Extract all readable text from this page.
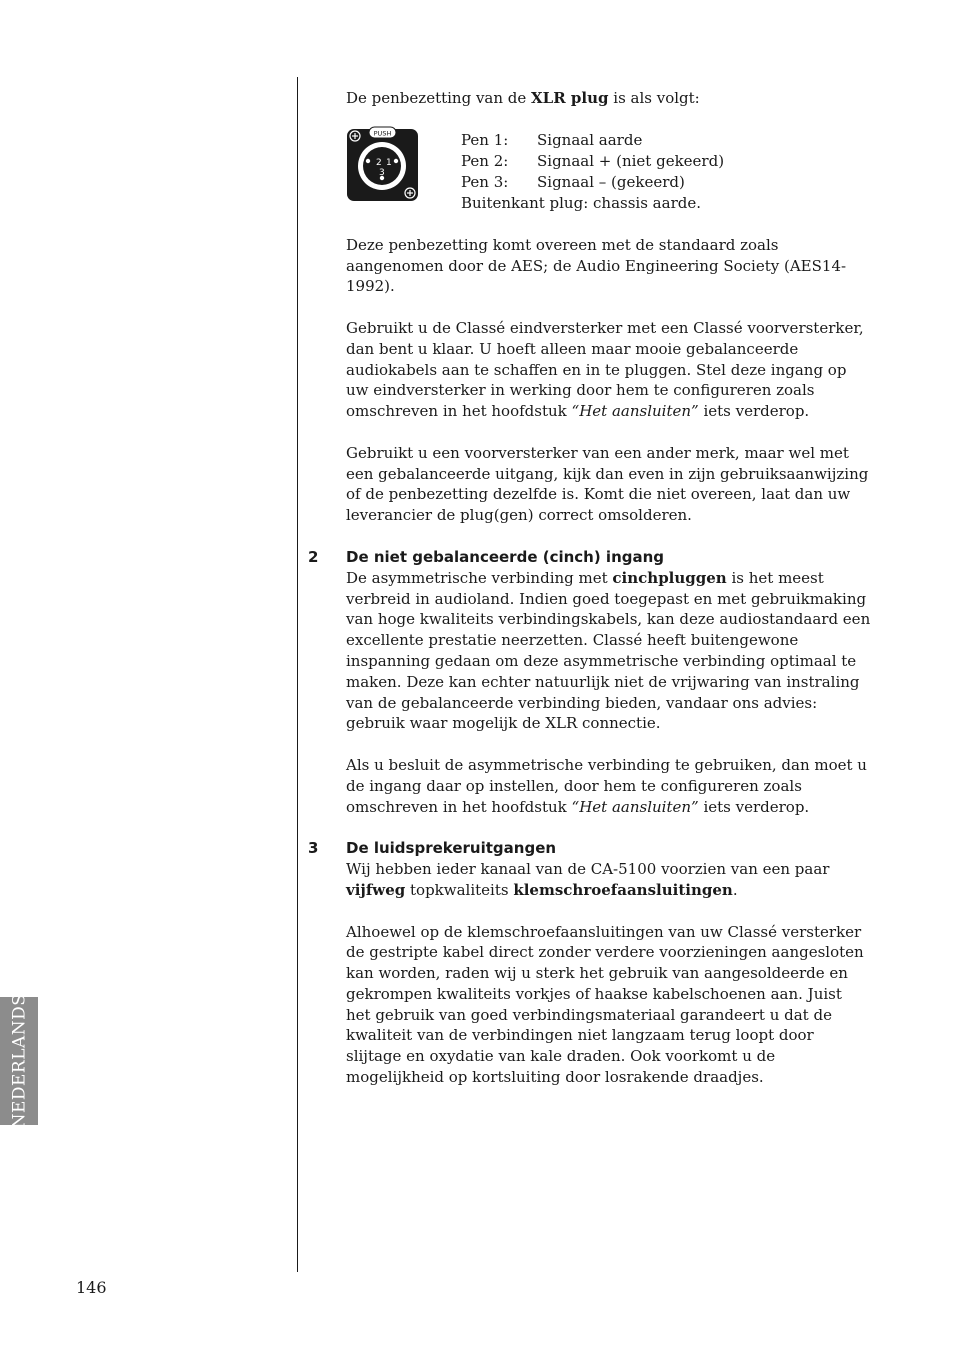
NEDERLANDS
146

De penbezetting van de XLR plug is als volgt:

PUSH
2 1
3
Pen 1:	Signaal aarde
Pen 2:	Signaal + (niet gekeerd)
Pen 3:	Signaal – (gekeerd)
Buitenkant plug: chassis aarde.

Deze penbezetting komt overeen met de standaard zoals aangenomen door de AES; de Audio Engineering Society (AES14-1992).

Gebruikt u de Classé eindversterker met een Classé voorversterker, dan bent u klaar. U hoeft alleen maar mooie gebalanceerde audiokabels aan te schaffen en in te pluggen. Stel deze ingang op uw eindversterker in werking door hem te configureren zoals omschreven in het hoofdstuk “Het aansluiten” iets verderop.

Gebruikt u een voorversterker van een ander merk, maar wel met een gebalanceerde uitgang, kijk dan even in zijn gebruiksaanwijzing of de penbezetting dezelfde is. Komt die niet overeen, laat dan uw leverancier de plug(gen) correct omsolderen.

2 De niet gebalanceerde (cinch) ingang

De asymmetrische verbinding met cinchpluggen is het meest verbreid in audioland. Indien goed toegepast en met gebruikmaking van hoge kwaliteits verbindingskabels, kan deze audiostandaard een excellente prestatie neerzetten. Classé heeft buitengewone inspanning gedaan om deze asymmetrische verbinding optimaal te maken. Deze kan echter natuurlijk niet de vrijwaring van instraling van de gebalanceerde verbinding bieden, vandaar ons advies: gebruik waar mogelijk de XLR connectie.

Als u besluit de asymmetrische verbinding te gebruiken, dan moet u de ingang daar op instellen, door hem te configureren zoals omschreven in het hoofdstuk “Het aansluiten” iets verderop.

3 De luidsprekeruitgangen

Wij hebben ieder kanaal van de CA-5100 voorzien van een paar vijfweg topkwaliteits klemschroefaansluitingen.

Alhoewel op de klemschroefaansluitingen van uw Classé versterker de gestripte kabel direct zonder verdere voorzieningen aangesloten kan worden, raden wij u sterk het gebruik van aangesoldeerde en gekrompen kwaliteits vorkjes of haakse kabelschoenen aan. Juist het gebruik van goed verbindingsmateriaal garandeert u dat de kwaliteit van de verbindingen niet langzaam terug loopt door slijtage en oxydatie van kale draden. Ook voorkomt u de mogelijkheid op kortsluiting door losrakende draadjes.
